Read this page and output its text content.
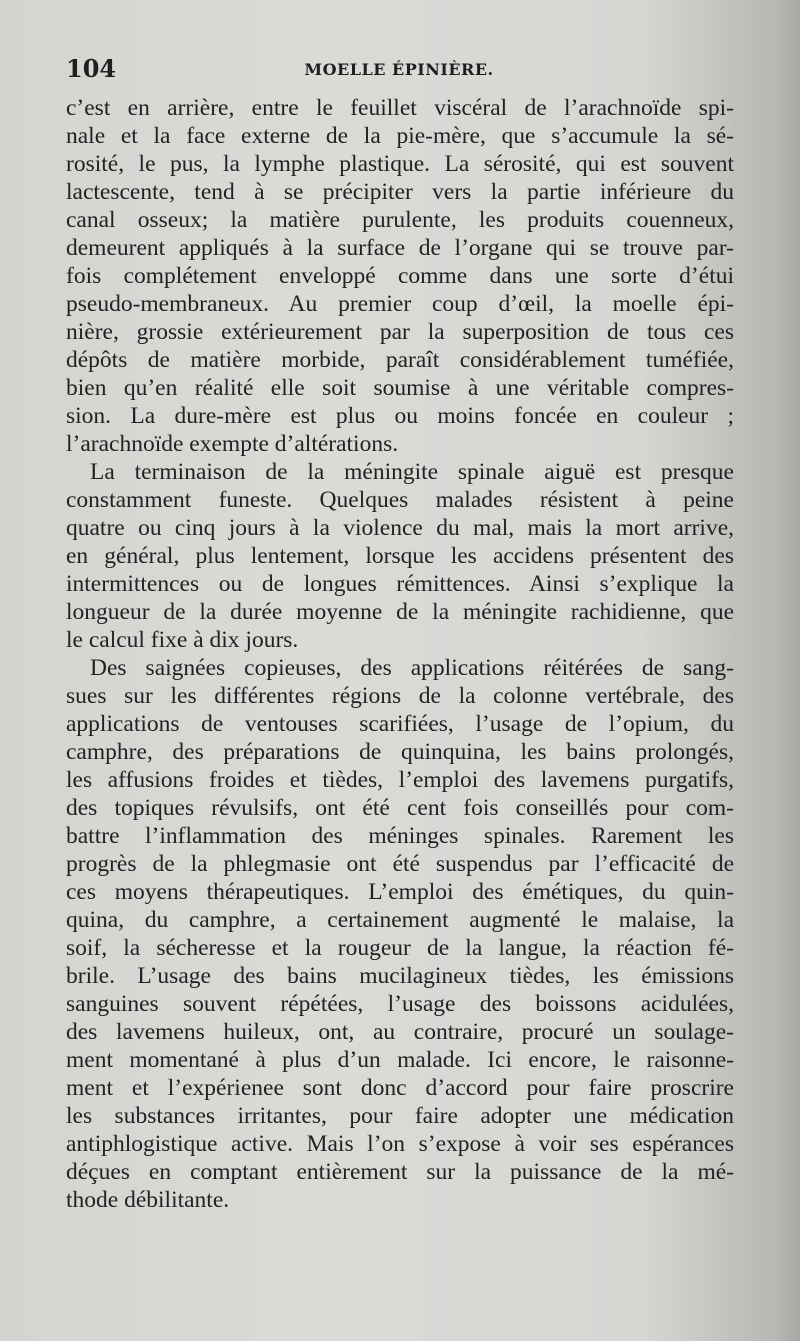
104	MOELLE ÉPINIÈRE.
c’est en arrière, entre le feuillet viscéral de l’arachnoïde spi-
nale et la face externe de la pie-mère, que s’accumule la sé-
rosité, le pus, la lymphe plastique. La sérosité, qui est souvent
lactescente, tend à se précipiter vers la partie inférieure du
canal osseux; la matière purulente, les produits couenneux,
demeurent appliqués à la surface de l’organe qui se trouve par-
fois complétement enveloppé comme dans une sorte d’étui
pseudo-membraneux. Au premier coup d’œil, la moelle épi-
nière, grossie extérieurement par la superposition de tous ces
dépôts de matière morbide, paraît considérablement tuméfiée,
bien qu’en réalité elle soit soumise à une véritable compres-
sion. La dure-mère est plus ou moins foncée en couleur ;
l’arachnoïde exempte d’altérations.
La terminaison de la méningite spinale aiguë est presque
constamment funeste. Quelques malades résistent à peine
quatre ou cinq jours à la violence du mal, mais la mort arrive,
en général, plus lentement, lorsque les accidens présentent des
intermittences ou de longues rémittences. Ainsi s’explique la
longueur de la durée moyenne de la méningite rachidienne, que
le calcul fixe à dix jours.
Des saignées copieuses, des applications réitérées de sang-
sues sur les différentes régions de la colonne vertébrale, des
applications de ventouses scarifiées, l’usage de l’opium, du
camphre, des préparations de quinquina, les bains prolongés,
les affusions froides et tièdes, l’emploi des lavemens purgatifs,
des topiques révulsifs, ont été cent fois conseillés pour com-
battre l’inflammation des méninges spinales. Rarement les
progrès de la phlegmasie ont été suspendus par l’efficacité de
ces moyens thérapeutiques. L’emploi des émétiques, du quin-
quina, du camphre, a certainement augmenté le malaise, la
soif, la sécheresse et la rougeur de la langue, la réaction fé-
brile. L’usage des bains mucilagineux tièdes, les émissions
sanguines souvent répétées, l’usage des boissons acidulées,
des lavemens huileux, ont, au contraire, procuré un soulage-
ment momentané à plus d’un malade. Ici encore, le raisonne-
ment et l’expérienee sont donc d’accord pour faire proscrire
les substances irritantes, pour faire adopter une médication
antiphlogistique active. Mais l’on s’expose à voir ses espérances
déçues en comptant entièrement sur la puissance de la mé-
thode débilitante.
